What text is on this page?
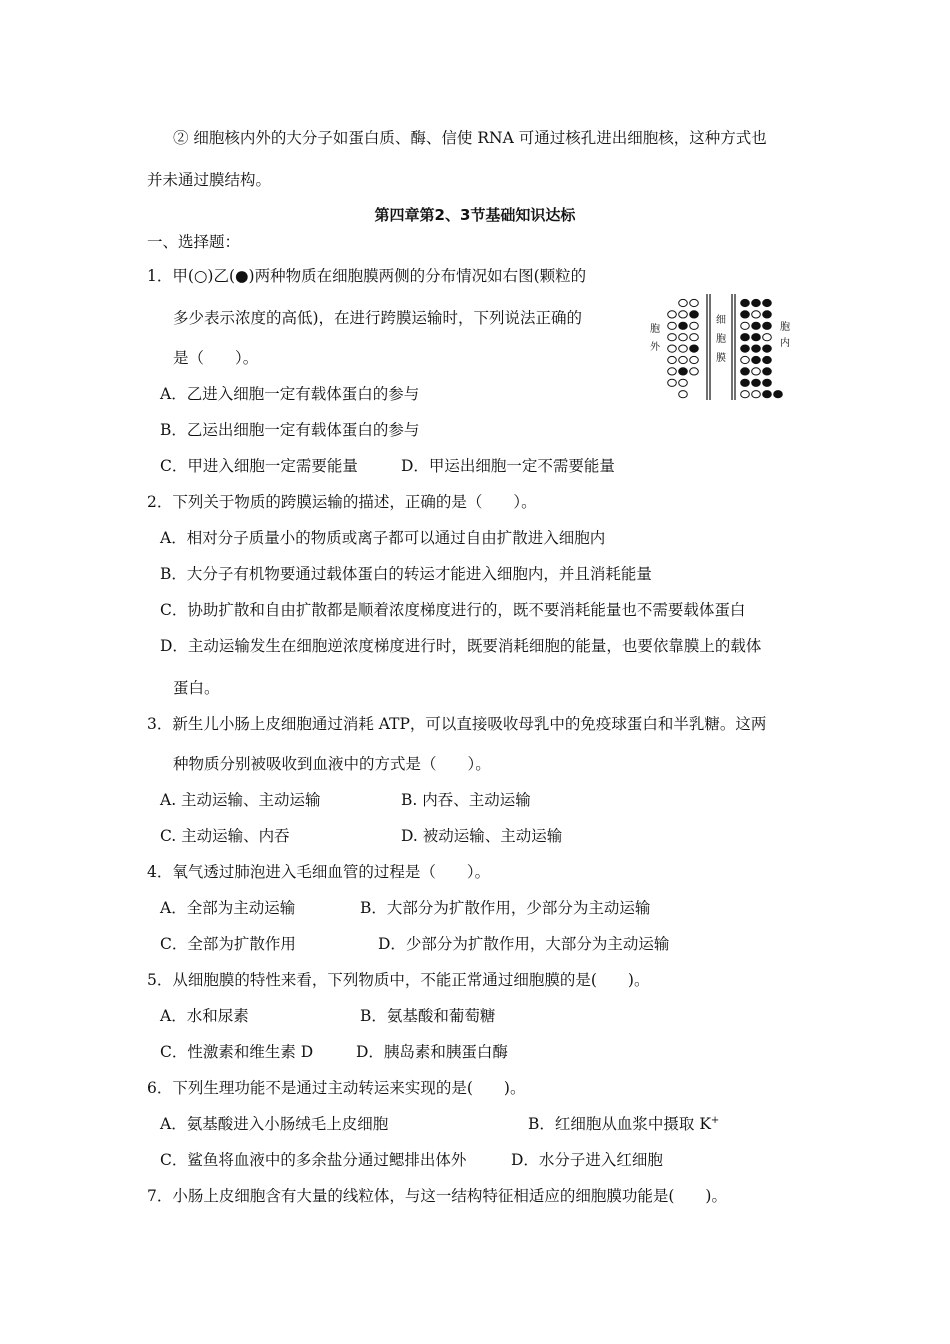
② 细胞核内外的大分子如蛋白质、酶、信使 RNA 可通过核孔进出细胞核，这种方式也
并未通过膜结构。
第四章第2、3节基础知识达标
一、选择题：
1．甲(○)乙(●)两种物质在细胞膜两侧的分布情况如右图(颗粒的
多少表示浓度的高低)，在进行跨膜运输时，下列说法正确的
是（　　）。
A．乙进入细胞一定有载体蛋白的参与
B．乙运出细胞一定有载体蛋白的参与
C．甲进入细胞一定需要能量	D．甲运出细胞一定不需要能量
胞
外
细
胞
膜
胞
内
2．下列关于物质的跨膜运输的描述，正确的是（　　）。
A．相对分子质量小的物质或离子都可以通过自由扩散进入细胞内
B．大分子有机物要通过载体蛋白的转运才能进入细胞内，并且消耗能量
C．协助扩散和自由扩散都是顺着浓度梯度进行的，既不要消耗能量也不需要载体蛋白
D．主动运输发生在细胞逆浓度梯度进行时，既要消耗细胞的能量，也要依靠膜上的载体
蛋白。
3．新生儿小肠上皮细胞通过消耗 ATP，可以直接吸收母乳中的免疫球蛋白和半乳糖。这两
种物质分别被吸收到血液中的方式是（　　）。
A. 主动运输、主动运输	B. 内吞、主动运输
C. 主动运输、内吞	D. 被动运输、主动运输
4．氧气透过肺泡进入毛细血管的过程是（　　）。
A．全部为主动运输	B．大部分为扩散作用，少部分为主动运输
C．全部为扩散作用	D．少部分为扩散作用，大部分为主动运输
5．从细胞膜的特性来看，下列物质中，不能正常通过细胞膜的是(　　)。
A．水和尿素	B．氨基酸和葡萄糖
C．性激素和维生素 D	D．胰岛素和胰蛋白酶
6．下列生理功能不是通过主动转运来实现的是(　　)。
A．氨基酸进入小肠绒毛上皮细胞	B．红细胞从血浆中摄取 K+
C．鲨鱼将血液中的多余盐分通过鳃排出体外	D．水分子进入红细胞
7．小肠上皮细胞含有大量的线粒体，与这一结构特征相适应的细胞膜功能是(　　)。
